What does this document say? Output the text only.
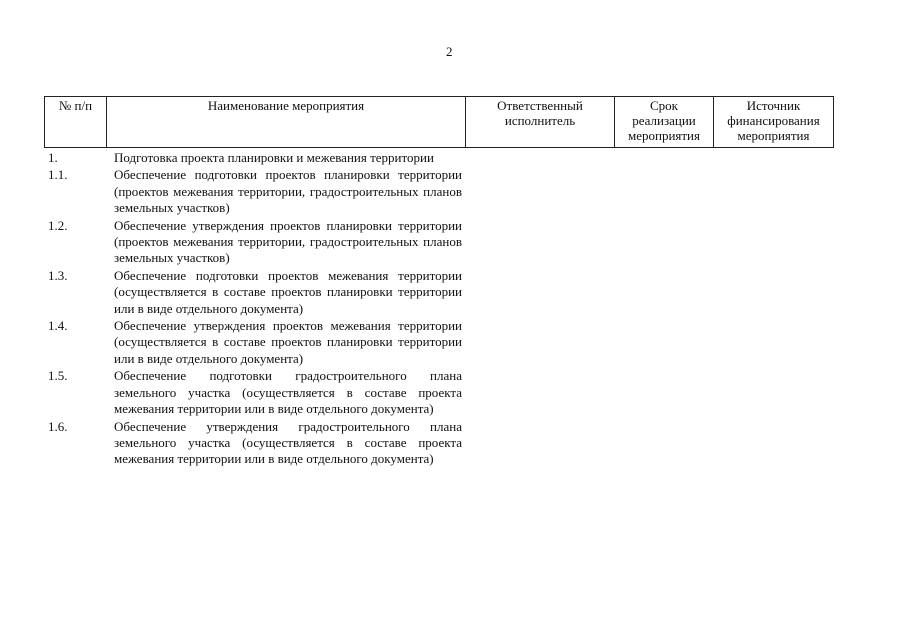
2
№ п/п	Наименование мероприятия	Ответственный исполнитель	Срок реализации мероприятия	Источник финансирования мероприятия
1.	Подготовка проекта планировки и межевания территории
1.1.	Обеспечение подготовки проектов планировки территории (проектов межевания территории, градостроительных планов земельных участков)
1.2.	Обеспечение утверждения проектов планировки территории (проектов межевания территории, градостроительных планов земельных участков)
1.3.	Обеспечение подготовки проектов межевания территории (осуществляется в составе проектов планировки территории или в виде отдельного документа)
1.4.	Обеспечение утверждения проектов межевания территории (осуществляется в составе проектов планировки территории или в виде отдельного документа)
1.5.	Обеспечение подготовки градостроительного плана земельного участка (осуществляется в составе проекта межевания территории или в виде отдельного документа)
1.6.	Обеспечение утверждения градостроительного плана земельного участка (осуществляется в составе проекта межевания территории или в виде отдельного документа)
